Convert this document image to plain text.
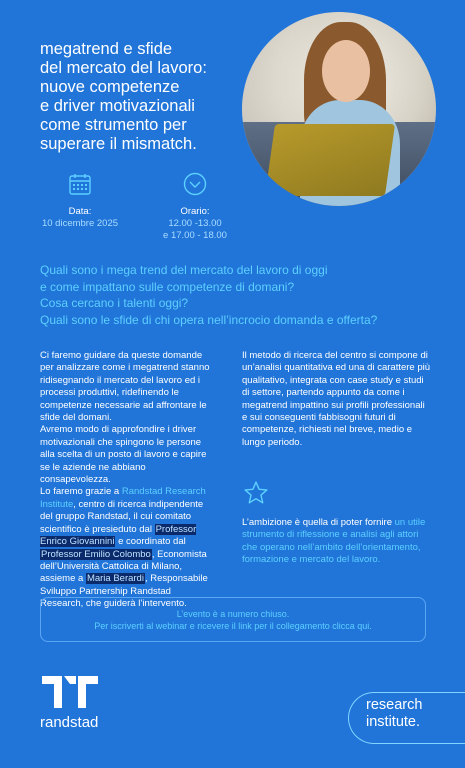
megatrend e sfide
del mercato del lavoro:
nuove competenze
e driver motivazionali
come strumento per
superare il mismatch.
Data:
10 dicembre 2025
Orario:
12.00 -13.00
e 17.00 - 18.00
Quali sono i mega trend del mercato del lavoro di oggi
e come impattano sulle competenze di domani?
Cosa cercano i talenti oggi?
Quali sono le sfide di chi opera nell’incrocio domanda e offerta?
Ci faremo guidare da queste domande per analizzare come i megatrend stanno ridisegnando il mercato del lavoro ed i processi produttivi, ridefinendo le competenze necessarie ad affrontare le sfide del domani.
Avremo modo di approfondire i driver motivazionali che spingono le persone alla scelta di un posto di lavoro e capire se le aziende ne abbiano consapevolezza.
Lo faremo grazie a Randstad Research Institute, centro di ricerca indipendente del gruppo Randstad, il cui comitato scientifico è presieduto dal Professor Enrico Giovannini e coordinato dal Professor Emilio Colombo, Economista dell’Università Cattolica di Milano, assieme a Maria Berardi, Responsabile Sviluppo Partnership Randstad Research, che guiderà l’intervento.
Il metodo di ricerca del centro si compone di un’analisi quantitativa ed una di carattere più qualitativo, integrata con case study e studi di settore, partendo appunto da come i megatrend impattino sui profili professionali e sui conseguenti fabbisogni futuri di competenze, richiesti nel breve, medio e lungo periodo.
L’ambizione è quella di poter fornire un utile strumento di riflessione e analisi agli attori che operano nell’ambito dell’orientamento, formazione e mercato del lavoro.
L’evento è a numero chiuso.
Per iscriverti al webinar e ricevere il link per il collegamento clicca qui.
randstad
research
institute.
